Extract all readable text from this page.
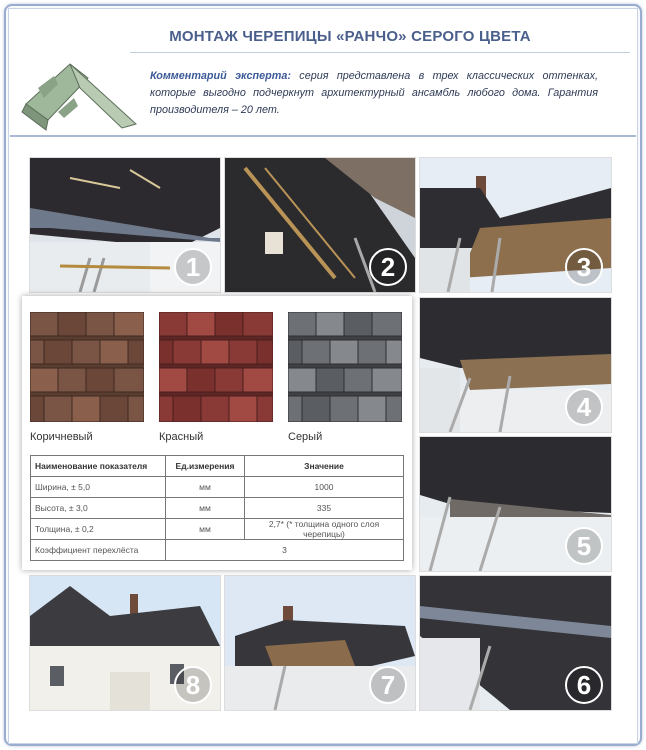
МОНТАЖ ЧЕРЕПИЦЫ «РАНЧО» СЕРОГО ЦВЕТА
Комментарий эксперта: серия представлена в трех классических оттенках, которые выгодно подчеркнут архитектурный ансамбль любого дома. Гарантия производителя – 20 лет.
1	2	3
4
5
6
7
8
Коричневый	Красный	Серый
Наименование показателя	Ед.измерения	Значение
Ширина, ± 5,0	мм	1000
Высота, ± 3,0	мм	335
Толщина, ± 0,2	мм	2,7* (* толщина одного слоя черепицы)
Коэффициент перехлёста	3	
